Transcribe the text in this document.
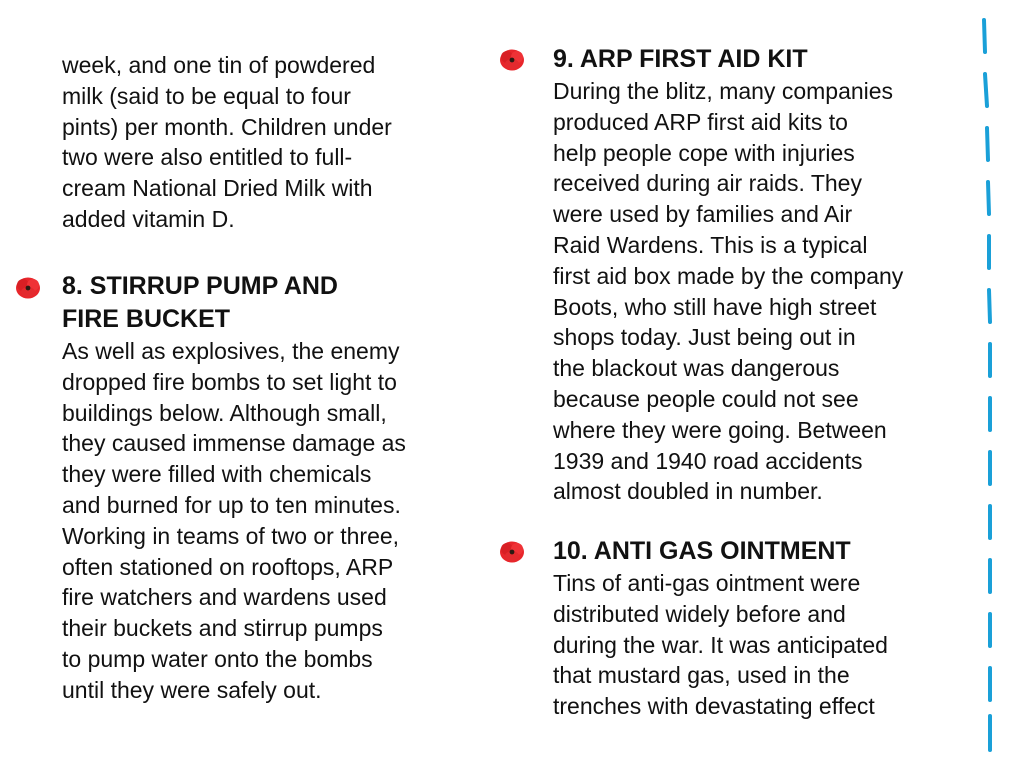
week, and one tin of powdered
milk (said to be equal to four
pints) per month. Children under
two were also entitled to full-
cream National Dried Milk with
added vitamin D.

8. STIRRUP PUMP AND
FIRE BUCKET

As well as explosives, the enemy
dropped fire bombs to set light to
buildings below. Although small,
they caused immense damage as
they were filled with chemicals
and burned for up to ten minutes.
Working in teams of two or three,
often stationed on rooftops, ARP
fire watchers and wardens used
their buckets and stirrup pumps
to pump water onto the bombs
until they were safely out.

9. ARP FIRST AID KIT

During the blitz, many companies
produced ARP first aid kits to
help people cope with injuries
received during air raids. They
were used by families and Air
Raid Wardens. This is a typical
first aid box made by the company
Boots, who still have high street
shops today. Just being out in
the blackout was dangerous
because people could not see
where they were going. Between
1939 and 1940 road accidents
almost doubled in number.

10. ANTI GAS OINTMENT

Tins of anti-gas ointment were
distributed widely before and
during the war. It was anticipated
that mustard gas, used in the
trenches with devastating effect
